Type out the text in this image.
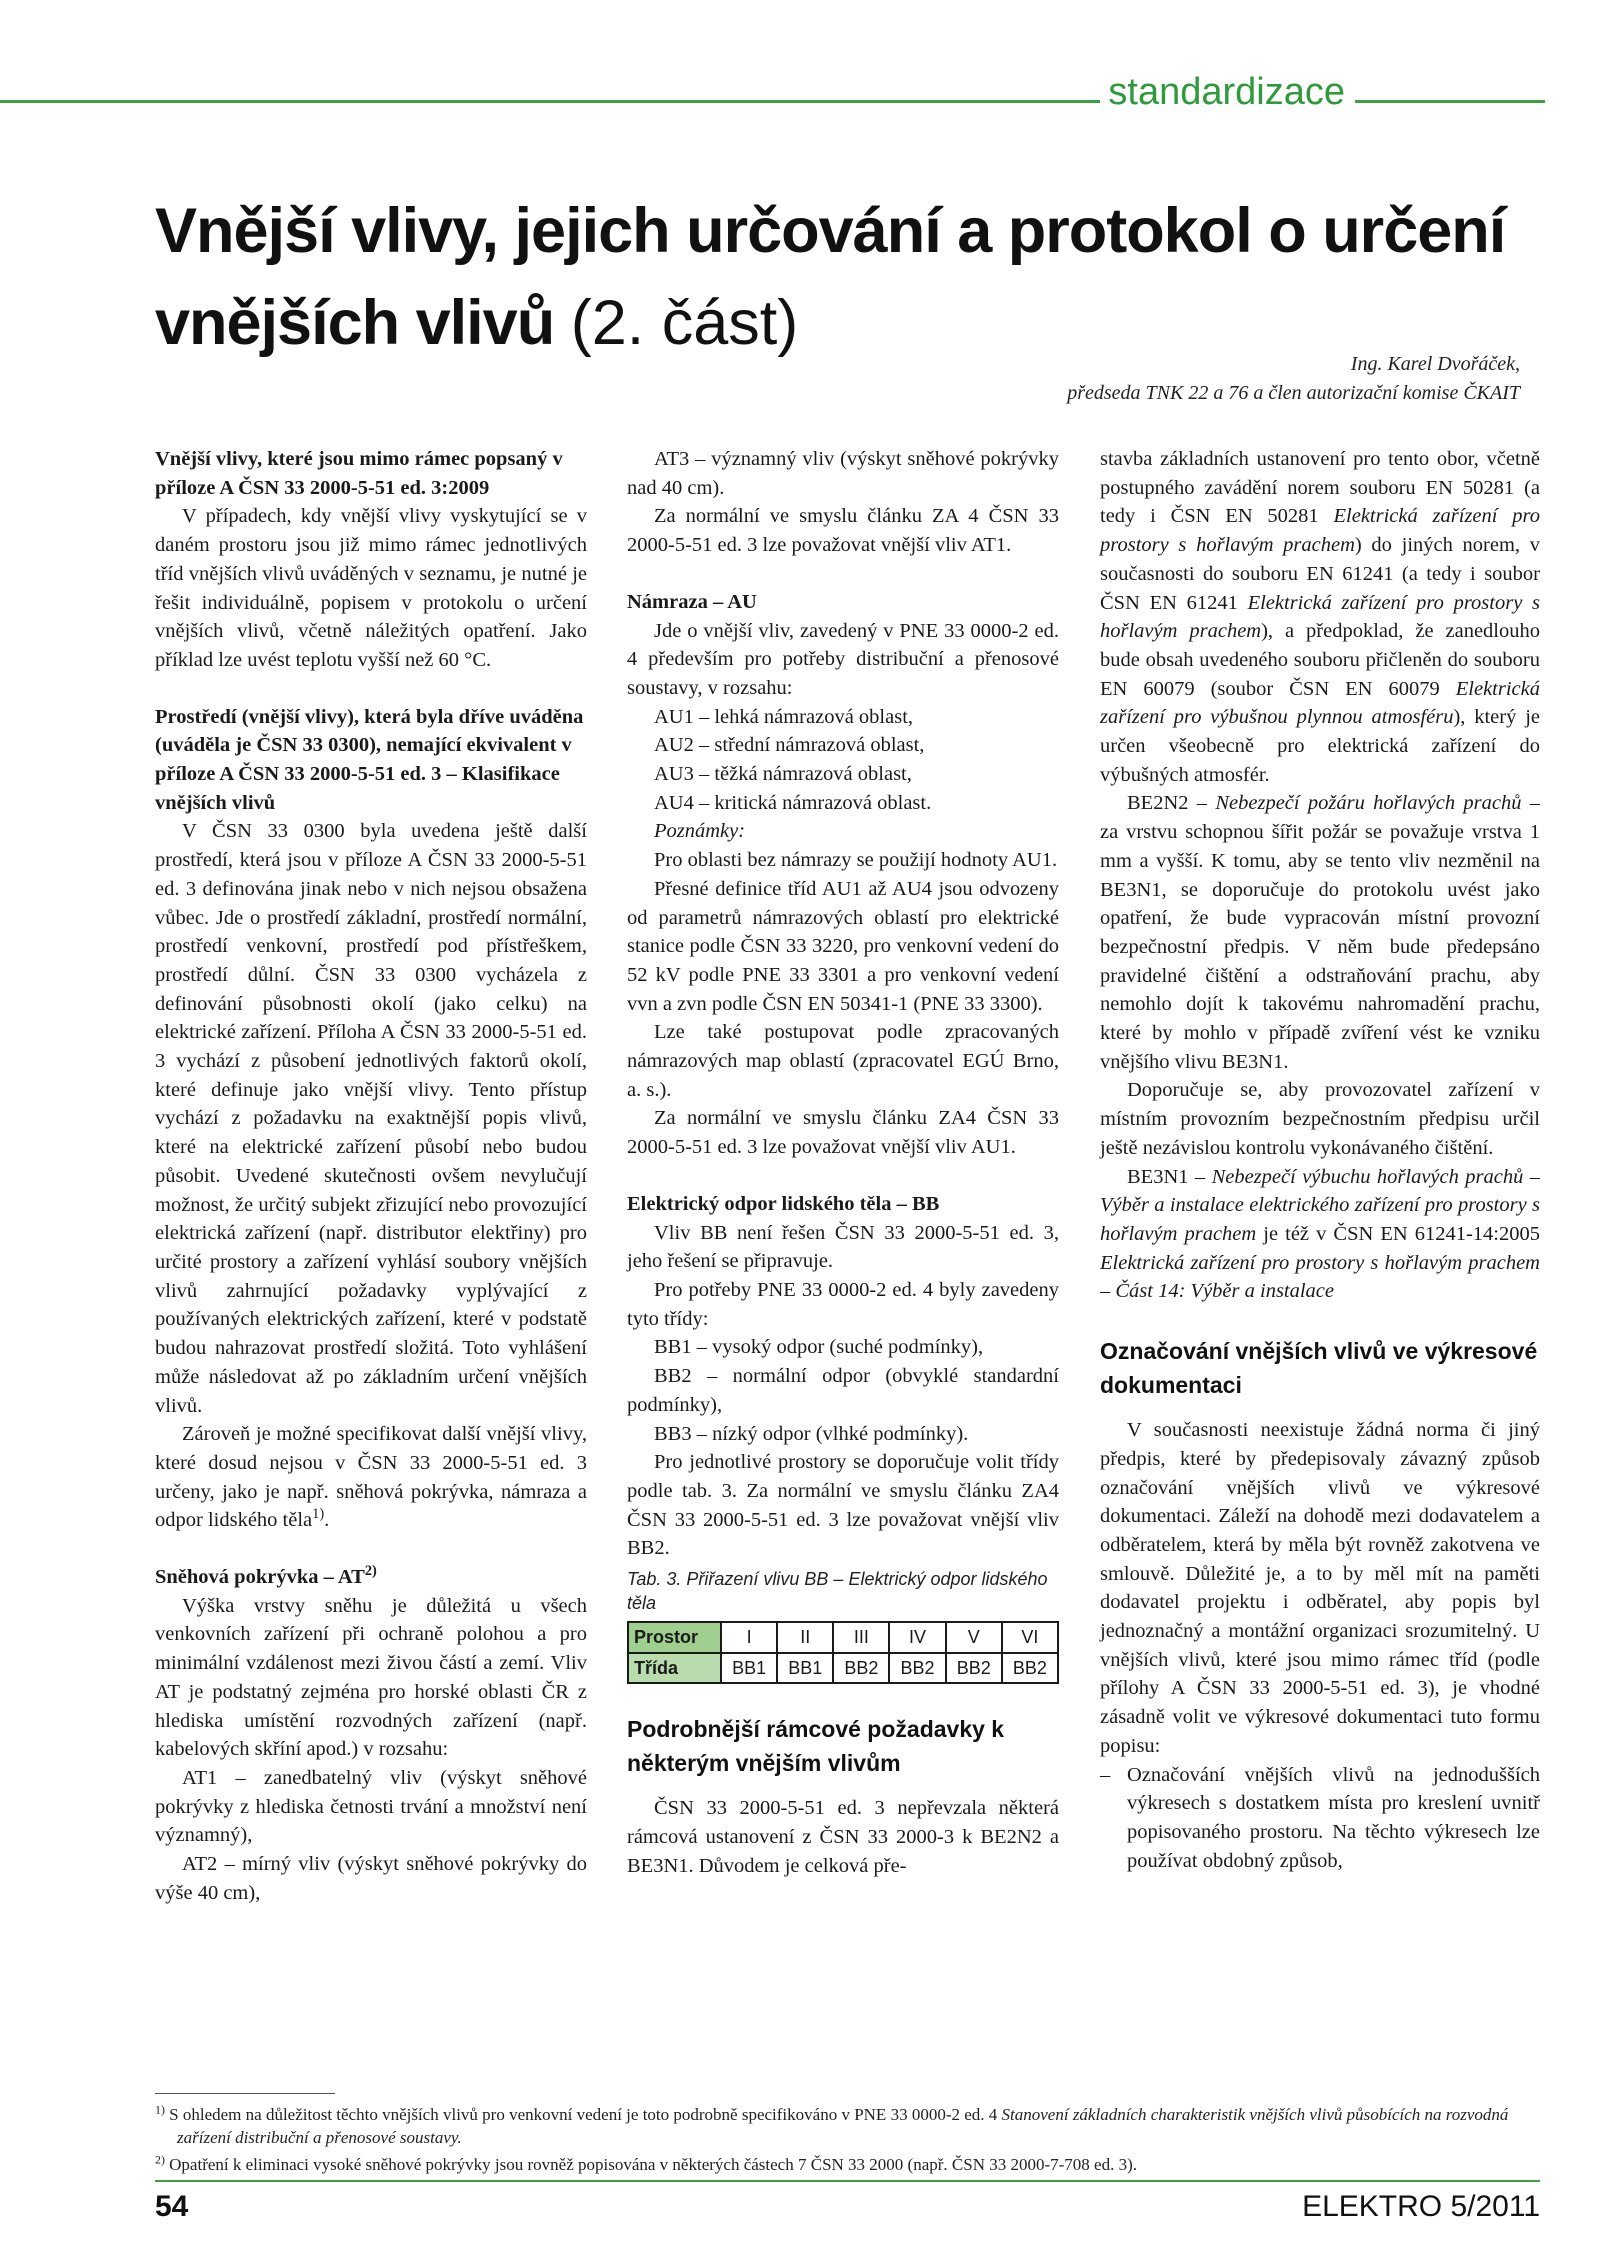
standardizace
Vnější vlivy, jejich určování a protokol o určení vnějších vlivů (2. část)
Ing. Karel Dvořáček,
předseda TNK 22 a 76 a člen autorizační komise ČKAIT
Vnější vlivy, které jsou mimo rámec popsaný v příloze A ČSN 33 2000-5-51 ed. 3:2009

V případech, kdy vnější vlivy vyskytující se v daném prostoru jsou již mimo rámec jednotlivých tříd vnějších vlivů uváděných v seznamu, je nutné je řešit individuálně, popisem v protokolu o určení vnějších vlivů, včetně náležitých opatření. Jako příklad lze uvést teplotu vyšší než 60 °C.

Prostředí (vnější vlivy), která byla dříve uváděna (uváděla je ČSN 33 0300), nemající ekvivalent v příloze A ČSN 33 2000-5-51 ed. 3 – Klasifikace vnějších vlivů

V ČSN 33 0300 byla uvedena ještě další prostředí, která jsou v příloze A ČSN 33 2000-5-51 ed. 3 definována jinak nebo v nich nejsou obsažena vůbec. Jde o prostředí základní, prostředí normální, prostředí venkovní, prostředí pod přístřeškem, prostředí důlní. ČSN 33 0300 vycházela z definování působnosti okolí (jako celku) na elektrické zařízení. Příloha A ČSN 33 2000-5-51 ed. 3 vychází z působení jednotlivých faktorů okolí, které definuje jako vnější vlivy. Tento přístup vychází z požadavku na exaktnější popis vlivů, které na elektrické zařízení působí nebo budou působit. Uvedené skutečnosti ovšem nevylučují možnost, že určitý subjekt zřizující nebo provozující elektrická zařízení (např. distributor elektřiny) pro určité prostory a zařízení vyhlásí soubory vnějších vlivů zahrnující požadavky vyplývající z používaných elektrických zařízení, které v podstatě budou nahrazovat prostředí složitá. Toto vyhlášení může následovat až po základním určení vnějších vlivů.

Zároveň je možné specifikovat další vnější vlivy, které dosud nejsou v ČSN 33 2000-5-51 ed. 3 určeny, jako je např. sněhová pokrývka, námraza a odpor lidského těla$^{1)}$.

Sněhová pokrývka – AT$^{2)}$

Výška vrstvy sněhu je důležitá u všech venkovních zařízení při ochraně polohou a pro minimální vzdálenost mezi živou částí a zemí. Vliv AT je podstatný zejména pro horské oblasti ČR z hlediska umístění rozvodných zařízení (např. kabelových skříní apod.) v rozsahu:

AT1 – zanedbatelný vliv (výskyt sněhové pokrývky z hlediska četnosti trvání a množství není významný),

AT2 – mírný vliv (výskyt sněhové pokrývky do výše 40 cm),

AT3 – významný vliv (výskyt sněhové pokrývky nad 40 cm).

Za normální ve smyslu článku ZA 4 ČSN 33 2000-5-51 ed. 3 lze považovat vnější vliv AT1.

Námraza – AU

Jde o vnější vliv, zavedený v PNE 33 0000-2 ed. 4 především pro potřeby distribuční a přenosové soustavy, v rozsahu:

AU1 – lehká námrazová oblast,

AU2 – střední námrazová oblast,

AU3 – těžká námrazová oblast,

AU4 – kritická námrazová oblast.

Poznámky:

Pro oblasti bez námrazy se použijí hodnoty AU1.

Přesné definice tříd AU1 až AU4 jsou odvozeny od parametrů námrazových oblastí pro elektrické stanice podle ČSN 33 3220, pro venkovní vedení do 52 kV podle PNE 33 3301 a pro venkovní vedení vvn a zvn podle ČSN EN 50341-1 (PNE 33 3300).

Lze také postupovat podle zpracovaných námrazových map oblastí (zpracovatel EGÚ Brno, a. s.).

Za normální ve smyslu článku ZA4 ČSN 33 2000-5-51 ed. 3 lze považovat vnější vliv AU1.

Elektrický odpor lidského těla – BB

Vliv BB není řešen ČSN 33 2000-5-51 ed. 3, jeho řešení se připravuje.

Pro potřeby PNE 33 0000-2 ed. 4 byly zavedeny tyto třídy:

BB1 – vysoký odpor (suché podmínky),

BB2 – normální odpor (obvyklé standardní podmínky),

BB3 – nízký odpor (vlhké podmínky).

Pro jednotlivé prostory se doporučuje volit třídy podle tab. 3. Za normální ve smyslu článku ZA4 ČSN 33 2000-5-51 ed. 3 lze považovat vnější vliv BB2.

Tab. 3. Přiřazení vlivu BB – Elektrický odpor lidského těla
Prostor	I	II	III	IV	V	VI
Třída	BB1	BB1	BB2	BB2	BB2	BB2
Podrobnější rámcové požadavky k některým vnějším vlivům

ČSN 33 2000-5-51 ed. 3 nepřevzala některá rámcová ustanovení z ČSN 33 2000-3 k BE2N2 a BE3N1. Důvodem je celková pře-

stavba základních ustanovení pro tento obor, včetně postupného zavádění norem souboru EN 50281 (a tedy i ČSN EN 50281 Elektrická zařízení pro prostory s hořlavým prachem) do jiných norem, v současnosti do souboru EN 61241 (a tedy i soubor ČSN EN 61241 Elektrická zařízení pro prostory s hořlavým prachem), a předpoklad, že zanedlouho bude obsah uvedeného souboru přičleněn do souboru EN 60079 (soubor ČSN EN 60079 Elektrická zařízení pro výbušnou plynnou atmosféru), který je určen všeobecně pro elektrická zařízení do výbušných atmosfér.

BE2N2 – Nebezpečí požáru hořlavých prachů – za vrstvu schopnou šířit požár se považuje vrstva 1 mm a vyšší. K tomu, aby se tento vliv nezměnil na BE3N1, se doporučuje do protokolu uvést jako opatření, že bude vypracován místní provozní bezpečnostní předpis. V něm bude předepsáno pravidelné čištění a odstraňování prachu, aby nemohlo dojít k takovému nahromadění prachu, které by mohlo v případě zvíření vést ke vzniku vnějšího vlivu BE3N1.

Doporučuje se, aby provozovatel zařízení v místním provozním bezpečnostním předpisu určil ještě nezávislou kontrolu vykonávaného čištění.

BE3N1 – Nebezpečí výbuchu hořlavých prachů – Výběr a instalace elektrického zařízení pro prostory s hořlavým prachem je též v ČSN EN 61241-14:2005 Elektrická zařízení pro prostory s hořlavým prachem – Část 14: Výběr a instalace

Označování vnějších vlivů ve výkresové dokumentaci

V současnosti neexistuje žádná norma či jiný předpis, které by předepisovaly závazný způsob označování vnějších vlivů ve výkresové dokumentaci. Záleží na dohodě mezi dodavatelem a odběratelem, která by měla být rovněž zakotvena ve smlouvě. Důležité je, a to by měl mít na paměti dodavatel projektu i odběratel, aby popis byl jednoznačný a montážní organizaci srozumitelný. U vnějších vlivů, které jsou mimo rámec tříd (podle přílohy A ČSN 33 2000-5-51 ed. 3), je vhodné zásadně volit ve výkresové dokumentaci tuto formu popisu:

– Označování vnějších vlivů na jednodušších výkresech s dostatkem místa pro kreslení uvnitř popisovaného prostoru. Na těchto výkresech lze používat obdobný způsob,
$^{1)}$ S ohledem na důležitost těchto vnějších vlivů pro venkovní vedení je toto podrobně specifikováno v PNE 33 0000-2 ed. 4 Stanovení základních charakteristik vnějších vlivů působících na rozvodná zařízení distribuční a přenosové soustavy.
$^{2)}$ Opatření k eliminaci vysoké sněhové pokrývky jsou rovněž popisována v některých částech 7 ČSN 33 2000 (např. ČSN 33 2000-7-708 ed. 3).
54	ELEKTRO 5/2011
